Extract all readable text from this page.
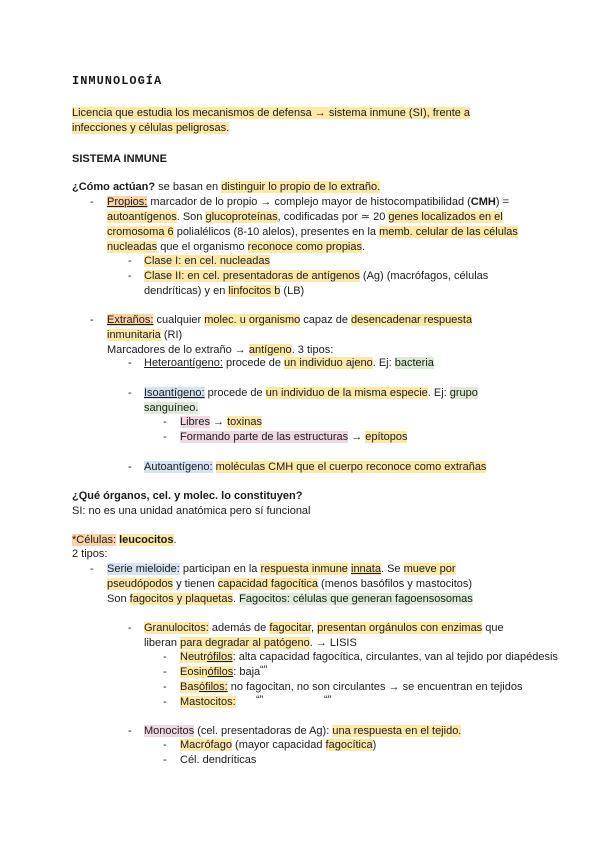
INMUNOLOGÍA
Licencia que estudia los mecanismos de defensa → sistema inmune (SI), frente a
infecciones y células peligrosas.
SISTEMA INMUNE
¿Cómo actúan? se basan en distinguir lo propio de lo extraño.
- Propios: marcador de lo propio → complejo mayor de histocompatibilidad (CMH) =
autoantígenos. Son glucoproteínas, codificadas por ≃ 20 genes localizados en el
cromosoma 6 polialélicos (8-10 alelos), presentes en la memb. celular de las células
nucleadas que el organismo reconoce como propias.
- Clase I: en cel. nucleadas
- Clase II: en cel. presentadoras de antígenos (Ag) (macrófagos, células
dendríticas) y en linfocitos b (LB)
- Extraños: cualquier molec. u organismo capaz de desencadenar respuesta
inmunitaria (RI)
Marcadores de lo extraño → antígeno. 3 tipos:
- Heteroantígeno: procede de un individuo ajeno. Ej: bacteria
- Isoantígeno: procede de un individuo de la misma especie. Ej: grupo
sanguíneo.
- Libres → toxinas
- Formando parte de las estructuras → epítopos
- Autoantígeno: moléculas CMH que el cuerpo reconoce como extrañas
¿Qué órganos, cel. y molec. lo constituyen?
SI: no es una unidad anatómica pero sí funcional
*Células: leucocitos.
2 tipos:
- Serie mieloide: participan en la respuesta inmune innata. Se mueve por
pseudópodos y tienen capacidad fagocítica (menos basófilos y mastocitos)
Son fagocitos y plaquetas. Fagocitos: células que generan fagoensosomas
- Granulocitos: además de fagocitar, presentan orgánulos con enzimas que
liberan para degradar al patógeno. → LISIS
- Neutrófilos: alta capacidad fagocítica, circulantes, van al tejido por diapédesis
- Eosinófilos: baja “”
- Basófilos: no fagocitan, no son circulantes → se encuentran en tejidos
- Mastocitos: “”	“”
- Monocitos (cel. presentadoras de Ag): una respuesta en el tejido.
- Macrófago (mayor capacidad fagocítica)
- Cél. dendríticas
